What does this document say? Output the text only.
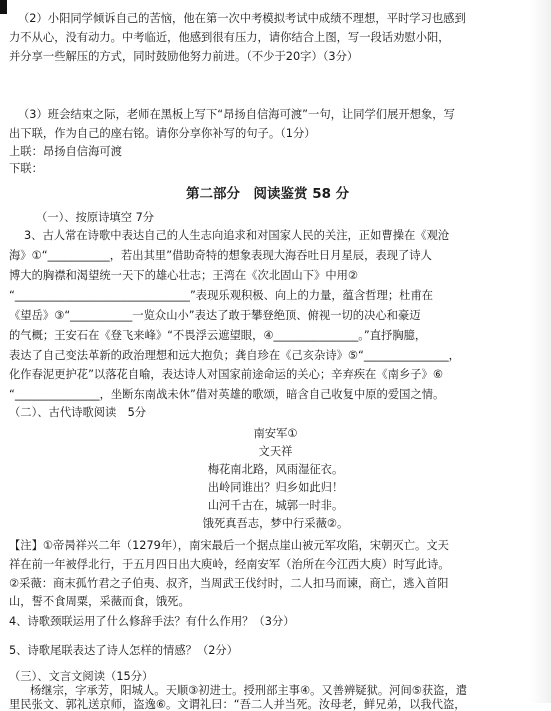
（2）小阳同学倾诉自己的苦恼，他在第一次中考模拟考试中成绩不理想，平时学习也感到

力不从心，没有动力。中考临近，他感到很有压力，请你结合上图，写一段话劝慰小阳，

并分享一些解压的方式，同时鼓励他努力前进。（不少于20字）（3分）

（3）班会结束之际，老师在黑板上写下“昂扬自信海可渡”一句，让同学们展开想象，写

出下联，作为自己的座右铭。请你分享你补写的句子。（1分）

上联：昂扬自信海可渡

下联：

第二部分　阅读鉴赏 58 分

（一）、按原诗填空 7分

3、古人常在诗歌中表达自己的人生志向追求和对国家人民的关注，正如曹操在《观沧

海》①“___________，若出其里”借助奇特的想象表现大海吞吐日月星辰，表现了诗人

博大的胸襟和渴望统一天下的雄心壮志；王湾在《次北固山下》中用②

“_______________________________”表现乐观积极、向上的力量，蕴含哲理；杜甫在

《望岳》③“___________一览众山小”表达了敢于攀登绝顶、俯视一切的决心和豪迈

的气概；王安石在《登飞来峰》“不畏浮云遮望眼，④_______________。”直抒胸臆，

表达了自己变法革新的政治理想和远大抱负；龚自珍在《己亥杂诗》⑤“_______________，

化作春泥更护花”以落花自喻，表达诗人对国家前途命运的关心；辛弃疾在《南乡子》⑥

“_______________，坐断东南战未休”借对英雄的歌颂，暗含自己收复中原的爱国之情。

（二）、古代诗歌阅读　5分

南安军①

文天祥

梅花南北路，风雨湿征衣。

出岭同谁出？归乡如此归！

山河千古在，城郭一时非。

饿死真吾志，梦中行采薇②。

【注】①帝昺祥兴二年（1279年），南宋最后一个据点崖山被元军攻陷，宋朝灭亡。文天

祥在前一年被俘北行，于五月四日出大庾岭，经南安军（治所在今江西大庾）时写此诗。

②采薇：商末孤竹君之子伯夷、叔齐，当周武王伐纣时，二人扣马而谏，商亡，逃入首阳

山，誓不食周粟，采薇而食，饿死。

4、诗歌颈联运用了什么修辞手法？有什么作用？（3分）

5、诗歌尾联表达了诗人怎样的情感？（2分）

（三）、文言文阅读（15分）

杨继宗，字承芳，阳城人。天顺③初进士。授刑部主事④。又善辨疑狱。河间⑤获盗，遣

里民张文、郭礼送京师，盗逸⑥。文谓礼曰：“吾二人并当死。汝母老，鲜兄弟，以我代盗，
